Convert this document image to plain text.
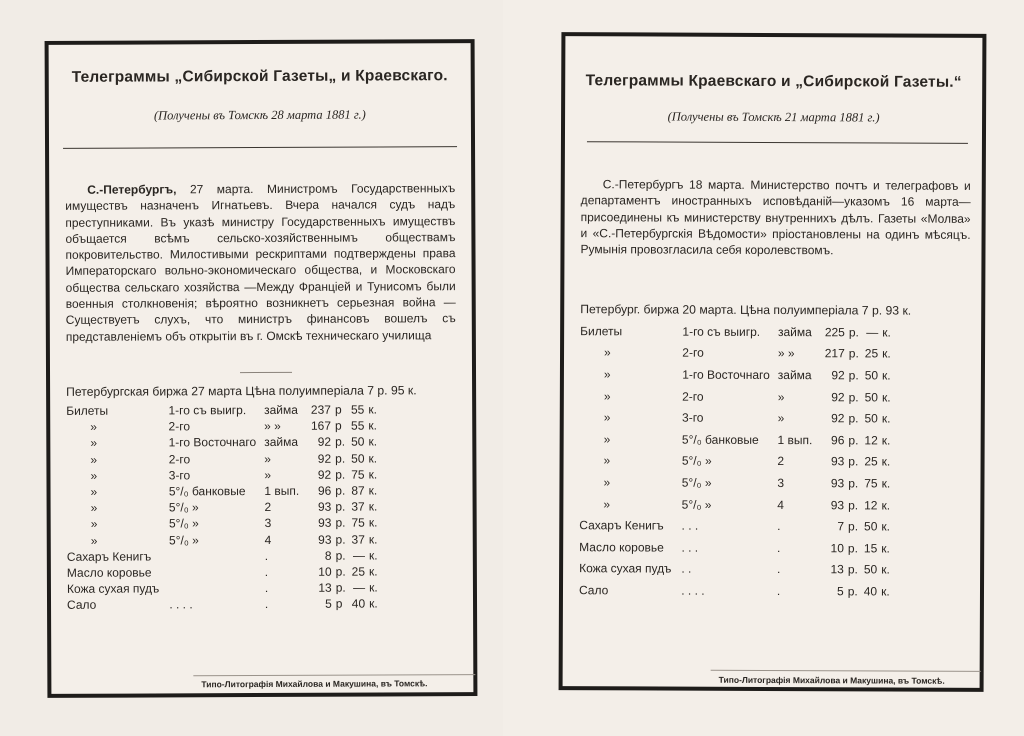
Телеграммы „Сибирской Газеты„ и Краевскаго.
(Получены въ Томскѣ 28 марта 1881 г.)
С.-Петербургъ, 27 марта. Министромъ Государственныхъ имуществъ назначенъ Игнатьевъ. Вчера начался судъ надъ преступниками. Въ указѣ министру Государственныхъ имуществъ объщается всѣмъ сельско-хозяйственнымъ обществамъ покровительство. Милостивыми рескриптами подтверждены права Императорскаго вольно-экономическаго общества, и Московскаго общества сельскаго хозяйства —Между Францiей и Тунисомъ были военныя столкновенiя; вѣроятно возникнетъ серьезная война —Существуетъ слухъ, что министръ финансовъ вошелъ съ представленiемъ объ открытiи въ г. Омскѣ техническаго училища
Петербургская биржа 27 марта Цѣна полуимперiала 7 р. 95 к.
Билеты	1-го съ выигр.	займа	237	р	55	к.
»	2-го	» »	167	р	55	к.
»	1-го Восточнаго	займа	92	р.	50	к.
»	2-го	»	92	р.	50	к.
»	3-го	»	92	р.	75	к.
»	5°/₀ банковые	1 вып.	96	р.	87	к.
»	5°/₀ »	2	93	р.	37	к.
»	5°/₀ »	3	93	р.	75	к.
»	5°/₀ »	4	93	р.	37	к.
Сахаръ Кенигъ		.	8	р.	—	к.
Масло коровье		.	10	р.	25	к.
Кожа сухая пудъ		.	13	р.	—	к.
Сало	. . . .	.	5	р	40	к.
Типо-Литографiя Михайлова и Макушина, въ Томскѣ.
Телеграммы Краевскаго и „Сибирской Газеты.“
(Получены въ Томскѣ 21 марта 1881 г.)
С.-Петербургъ 18 марта. Министерство почтъ и телеграфовъ и департаментъ иностранныхъ исповѣданiй—указомъ 16 марта—присоединены къ министерству внутреннихъ дѣлъ. Газеты «Молва» и «С.-Петербургскiя Вѣдомости» прiостановлены на одинъ мѣсяцъ. Румынiя провозгласила себя королевствомъ.
Петербург. биржа 20 марта. Цѣна полуимперiала 7 р. 93 к.
Билеты	1-го съ выигр.	займа	225	р.	—	к.
»	2-го	» »	217	р.	25	к.
»	1-го Восточнаго	займа	92	р.	50	к.
»	2-го	»	92	р.	50	к.
»	3-го	»	92	р.	50	к.
»	5°/₀ банковые	1 вып.	96	р.	12	к.
»	5°/₀ »	2	93	р.	25	к.
»	5°/₀ »	3	93	р.	75	к.
»	5°/₀ »	4	93	р.	12	к.
Сахаръ Кенигъ	. . .	.	7	р.	50	к.
Масло коровье	. . .	.	10	р.	15	к.
Кожа сухая пудъ	. .	.	13	р.	50	к.
Сало	. . . .	.	5	р.	40	к.
Типо-Литографiя Михайлова и Макушина, въ Томскѣ.
